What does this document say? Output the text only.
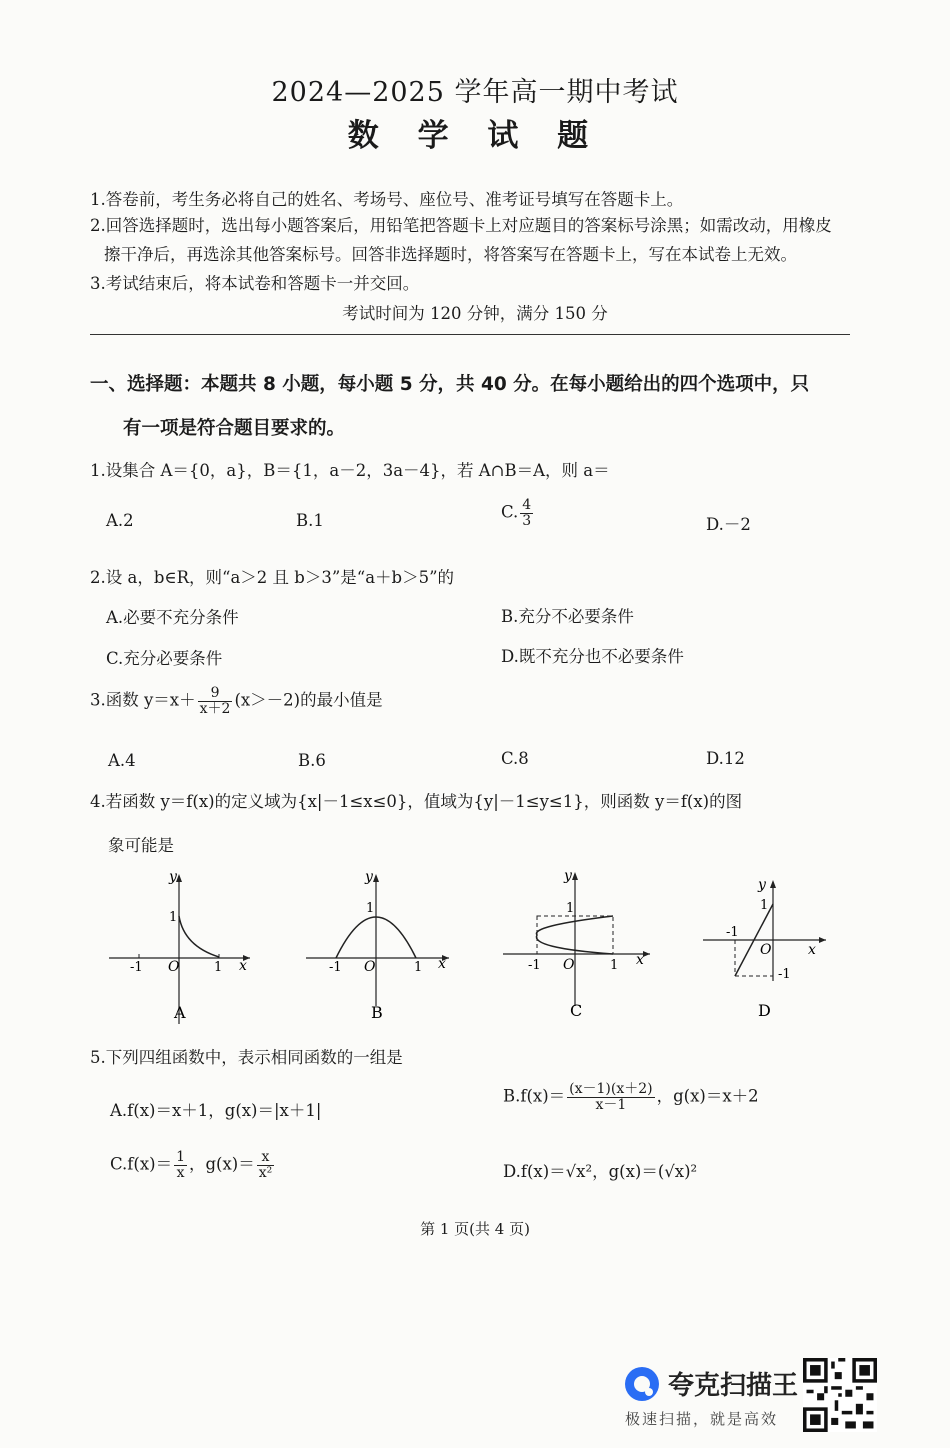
2024—2025 学年高一期中考试
数 学 试 题
1.答卷前，考生务必将自己的姓名、考场号、座位号、准考证号填写在答题卡上。
2.回答选择题时，选出每小题答案后，用铅笔把答题卡上对应题目的答案标号涂黑；如需改动，用橡皮
擦干净后，再选涂其他答案标号。回答非选择题时，将答案写在答题卡上，写在本试卷上无效。
3.考试结束后，将本试卷和答题卡一并交回。
考试时间为 120 分钟，满分 150 分
一、选择题：本题共 8 小题，每小题 5 分，共 40 分。在每小题给出的四个选项中，只
有一项是符合题目要求的。
1.设集合 A＝{0，a}，B＝{1，a－2，3a－4}，若 A∩B＝A，则 a＝
A.2	B.1	C. $\frac{4}{3}$	D.－2
2.设 a，b∈R，则“a＞2 且 b＞3”是“a＋b＞5”的
A.必要不充分条件	B.充分不必要条件
C.充分必要条件	D.既不充分也不必要条件
3.函数 $y=x+ \frac{9}{x+2} (x>-2)$的最小值是
A.4	B.6	C.8	D.12
4.若函数 y＝f(x)的定义域为{x|－1≤x≤0}，值域为{y|－1≤y≤1}，则函数 y＝f(x)的图
象可能是
y
x
O
1
-1	1
A
y
x
O
1
-1	1
B
y
x
O
1
-1	1
C
y
x
O
1
-1
-1
D
5.下列四组函数中，表示相同函数的一组是
A.f(x)＝x＋1，g(x)＝|x＋1|
$B.f(x)= \frac{(x-1)(x+2)}{x-1}$ ，g(x)＝x＋2
$C.f(x)= \frac{1}{x}$ ，$g(x)= \frac{x}{\text{x²}}$	D.f(x)＝√x²，g(x)＝(√x)²
第 1 页(共 4 页)
夸克扫描王
极速扫描，就是高效
